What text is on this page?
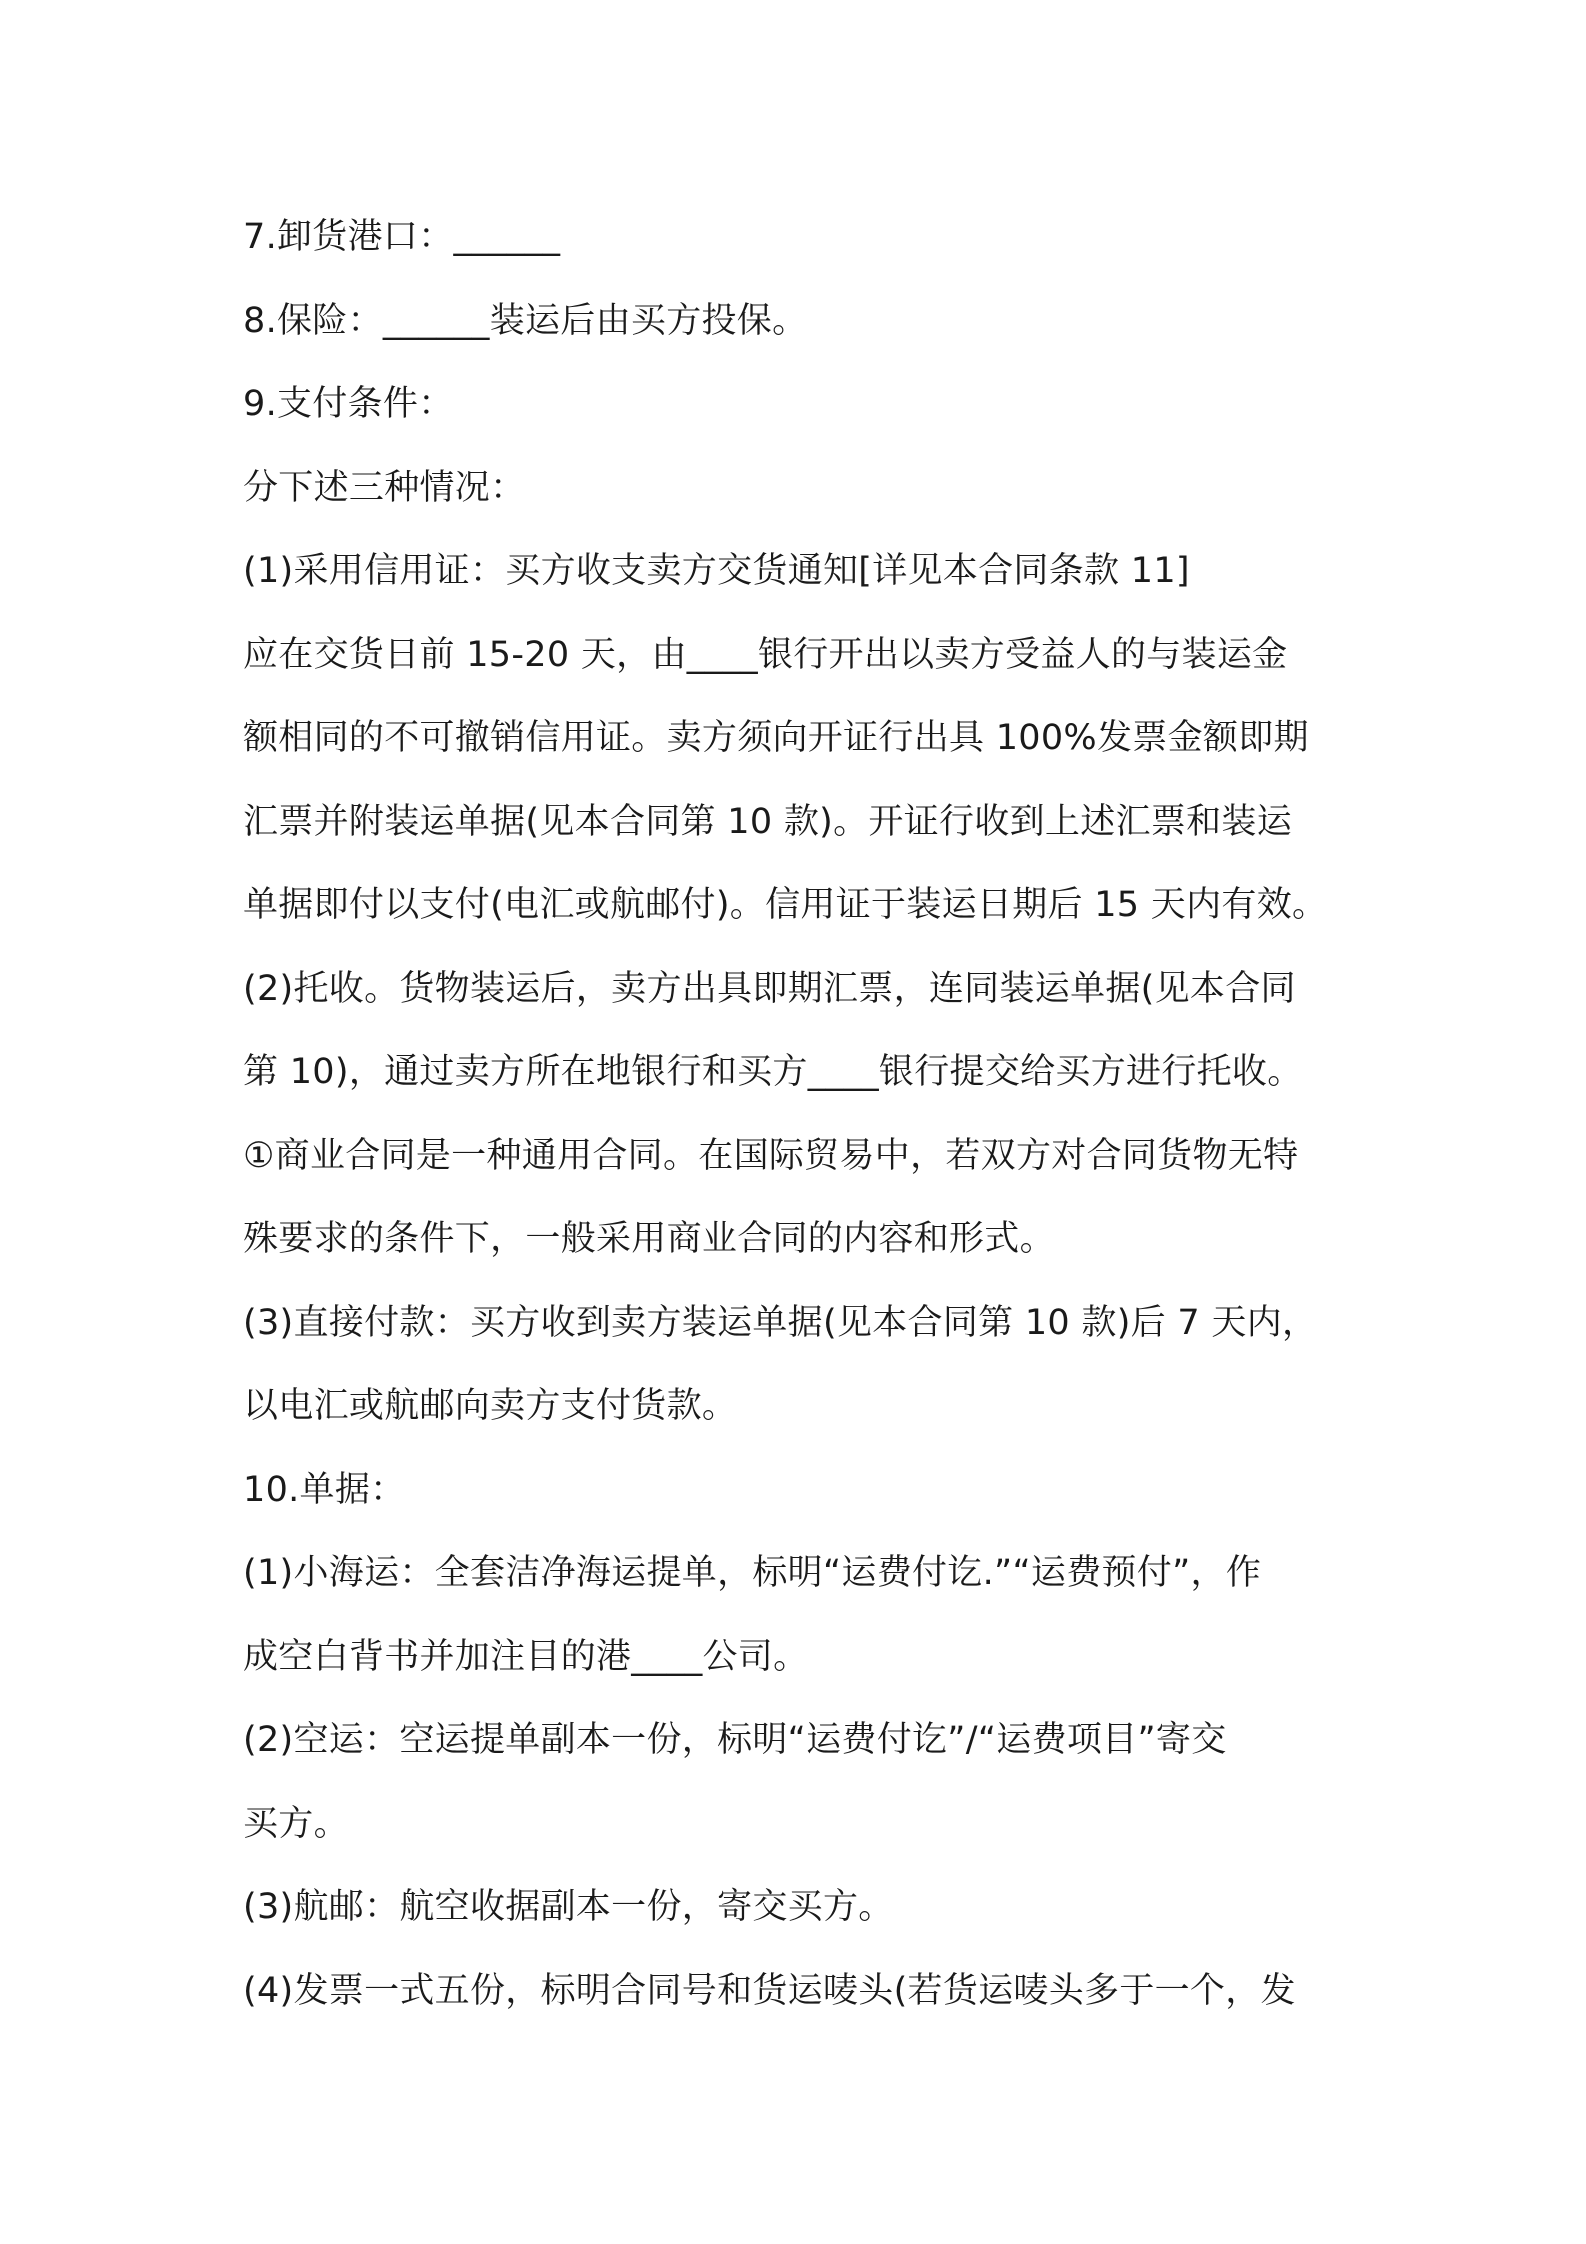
7.卸货港口：______
8.保险：______装运后由买方投保。
9.支付条件：
分下述三种情况：
(1)采用信用证：买方收支卖方交货通知[详见本合同条款 11]
应在交货日前 15-20 天，由____银行开出以卖方受益人的与装运金
额相同的不可撤销信用证。卖方须向开证行出具 100%发票金额即期
汇票并附装运单据(见本合同第 10 款)。开证行收到上述汇票和装运
单据即付以支付(电汇或航邮付)。信用证于装运日期后 15 天内有效。
(2)托收。货物装运后，卖方出具即期汇票，连同装运单据(见本合同
第 10)，通过卖方所在地银行和买方____银行提交给买方进行托收。
①商业合同是一种通用合同。在国际贸易中，若双方对合同货物无特
殊要求的条件下，一般采用商业合同的内容和形式。
(3)直接付款：买方收到卖方装运单据(见本合同第 10 款)后 7 天内，
以电汇或航邮向卖方支付货款。
10.单据：
(1)小海运：全套洁净海运提单，标明“运费付讫.”“运费预付”，作
成空白背书并加注目的港____公司。
(2)空运：空运提单副本一份，标明“运费付讫”/“运费项目”寄交
买方。
(3)航邮：航空收据副本一份，寄交买方。
(4)发票一式五份，标明合同号和货运唛头(若货运唛头多于一个，发
